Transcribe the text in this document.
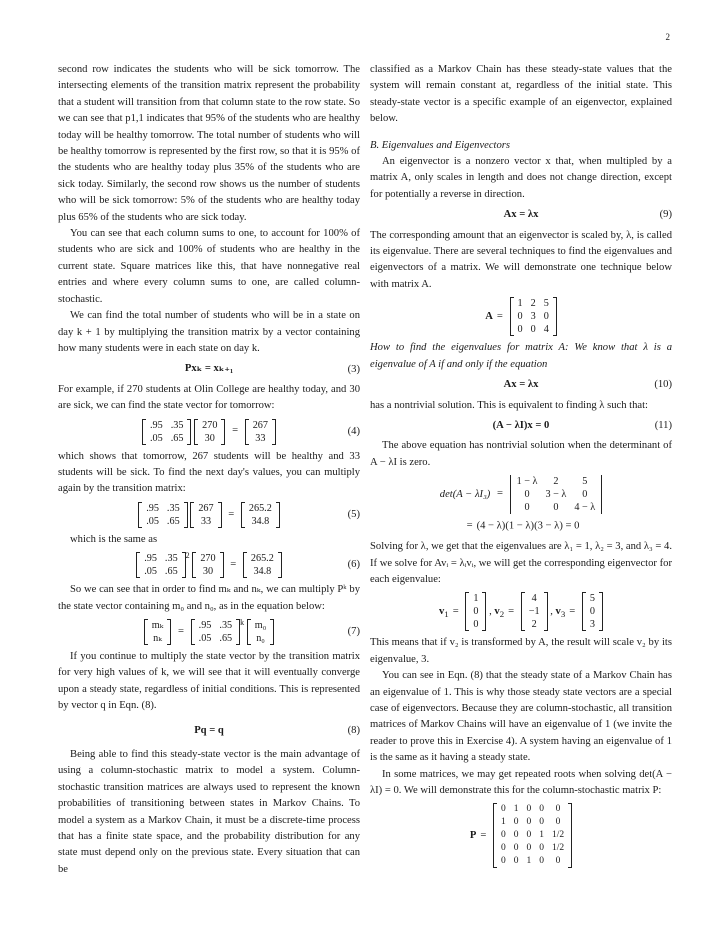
2

second row indicates the students who will be sick tomorrow. The intersecting elements of the transition matrix represent the probability that a student will transition from that column state to the row state. So we can see that p1,1 indicates that 95% of the students who are healthy today will be healthy tomorrow. The total number of students who will be healthy tomorrow is represented by the first row, so that it is 95% of the students who are healthy today plus 35% of the students who are sick today. Similarly, the second row shows us the number of students who will be sick tomorrow: 5% of the students who are healthy today plus 65% of the students who are sick today.

You can see that each column sums to one, to account for 100% of students who are sick and 100% of students who are healthy in the current state. Square matrices like this, that have nonnegative real entries and where every column sums to one, are called column-stochastic.

We can find the total number of students who will be in a state on day k + 1 by multiplying the transition matrix by a vector containing how many students were in each state on day k.

Pxₖ = xₖ₊₁	(3)

For example, if 270 students at Olin College are healthy today, and 30 are sick, we can find the state vector for tomorrow:

.95	.35
.05	.65

270
30
=
267
33
(4)

which shows that tomorrow, 267 students will be healthy and 33 students will be sick. To find the next day's values, you can multiply again by the transition matrix:

.95	.35
.05	.65

267
33
=
265.2
34.8
(5)

which is the same as

.95	.35
.05	.65
$^2$ 270
30
=
265.2
34.8
(6)

So we can see that in order to find mₖ and nₖ, we can multiply Pᵏ by the state vector containing m₀ and n₀, as in the equation below:

mₖ
nₖ
=
.95	.35
.05	.65
$^k$ m₀
n₀
(7)

If you continue to multiply the state vector by the transition matrix for very high values of k, we will see that it will eventually converge upon a steady state, regardless of initial conditions. This is represented by vector q in Eqn. (8).

Pq = q	(8)

Being able to find this steady-state vector is the main advantage of using a column-stochastic matrix to model a system. Column-stochastic transition matrices are always used to represent the known probabilities of transitioning between states in Markov Chains. To model a system as a Markov Chain, it must be a discrete-time process that has a finite state space, and the probability distribution for any state must depend only on the previous state. Every situation that can be

classified as a Markov Chain has these steady-state values that the system will remain constant at, regardless of the initial state. This steady-state vector is a specific example of an eigenvector, explained below.

B. Eigenvalues and Eigenvectors

An eigenvector is a nonzero vector x that, when multipled by a matrix A, only scales in length and does not change direction, except for potentially a reverse in direction.

Ax = λx	(9)

The corresponding amount that an eigenvector is scaled by, λ, is called its eigenvalue. There are several techniques to find the eigenvalues and eigenvectors of a matrix. We will demonstrate one technique below with matrix A.

A =
1	2	5
0	3	0
0	0	4

How to find the eigenvalues for matrix A: We know that λ is a eigenvalue of A if and only if the equation

Ax = λx	(10)

has a nontrivial solution. This is equivalent to finding λ such that:

(A − λI)x = 0	(11)

The above equation has nontrivial solution when the determinant of A − λI is zero.

det(A − λI₃) =
1 − λ	2	5
0	3 − λ	0
0	0	4 − λ
= (4 − λ)(1 − λ)(3 − λ) = 0

Solving for λ, we get that the eigenvalues are λ₁ = 1, λ₂ = 3, and λ₃ = 4. If we solve for Avᵢ = λᵢvᵢ, we will get the corresponding eigenvector for each eigenvalue:

$v_1$ =
1
0
0
, $v_2$ =
4
−1
2
, $v_3$ =
5
0
3

This means that if v₂ is transformed by A, the result will scale v₂ by its eigenvalue, 3.

You can see in Eqn. (8) that the steady state of a Markov Chain has an eigenvalue of 1. This is why those steady state vectors are a special case of eigenvectors. Because they are column-stochastic, all transition matrices of Markov Chains will have an eigenvalue of 1 (we invite the reader to prove this in Exercise 4). A system having an eigenvalue of 1 is the same as it having a steady state.

In some matrices, we may get repeated roots when solving det(A − λI) = 0. We will demonstrate this for the column-stochastic matrix P:

P =
0	1	0	0	0
1	0	0	0	0
0	0	0	1	1/2
0	0	0	0	1/2
0	0	1	0	0
